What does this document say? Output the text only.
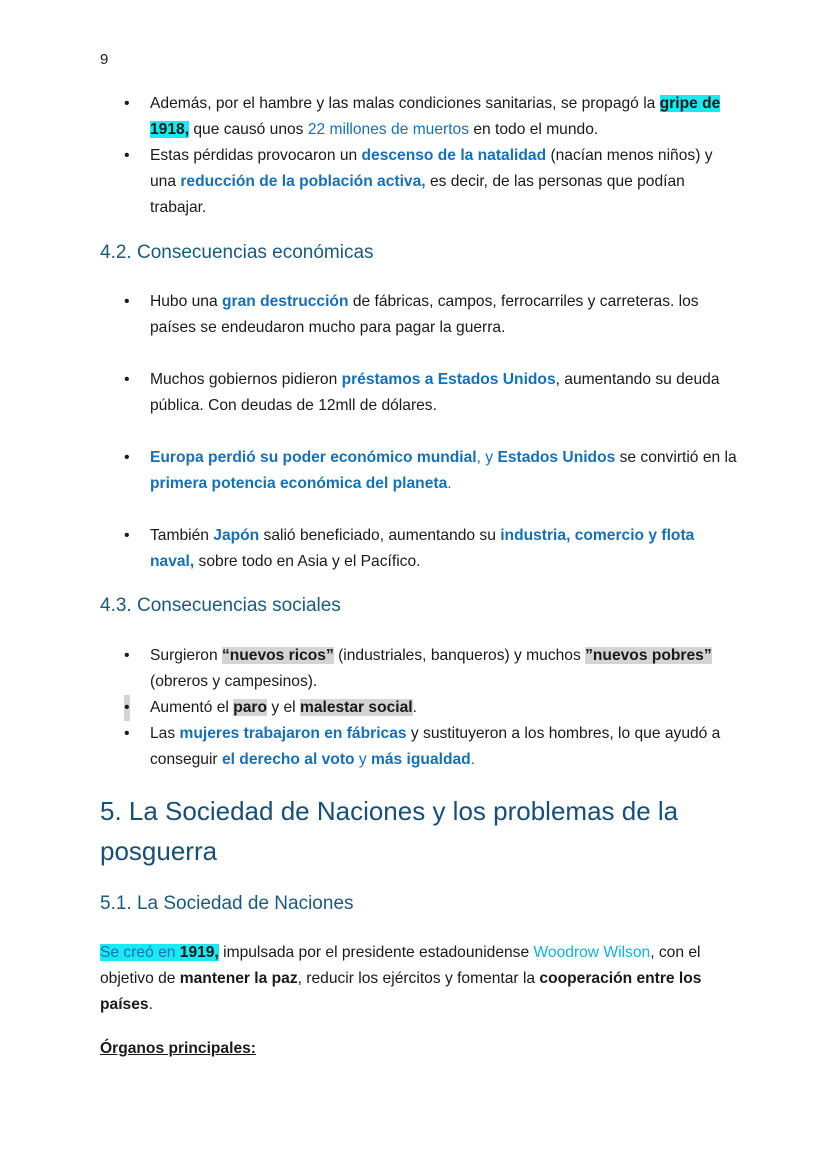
9
• Además, por el hambre y las malas condiciones sanitarias, se propagó la gripe de 1918, que causó unos 22 millones de muertos en todo el mundo.
• Estas pérdidas provocaron un descenso de la natalidad (nacían menos niños) y una reducción de la población activa, es decir, de las personas que podían trabajar.
4.2. Consecuencias económicas
• Hubo una gran destrucción de fábricas, campos, ferrocarriles y carreteras. los países se endeudaron mucho para pagar la guerra.
• Muchos gobiernos pidieron préstamos a Estados Unidos, aumentando su deuda pública. Con deudas de 12mll de dólares.
• Europa perdió su poder económico mundial, y Estados Unidos se convirtió en la primera potencia económica del planeta.
• También Japón salió beneficiado, aumentando su industria, comercio y flota naval, sobre todo en Asia y el Pacífico.
4.3. Consecuencias sociales
• Surgieron “nuevos ricos” (industriales, banqueros) y muchos ”nuevos pobres” (obreros y campesinos).
• Aumentó el paro y el malestar social.
• Las mujeres trabajaron en fábricas y sustituyeron a los hombres, lo que ayudó a conseguir el derecho al voto y más igualdad.
5. La Sociedad de Naciones y los problemas de la posguerra
5.1. La Sociedad de Naciones

Se creó en 1919, impulsada por el presidente estadounidense Woodrow Wilson, con el objetivo de mantener la paz, reducir los ejércitos y fomentar la cooperación entre los países.

Órganos principales:
